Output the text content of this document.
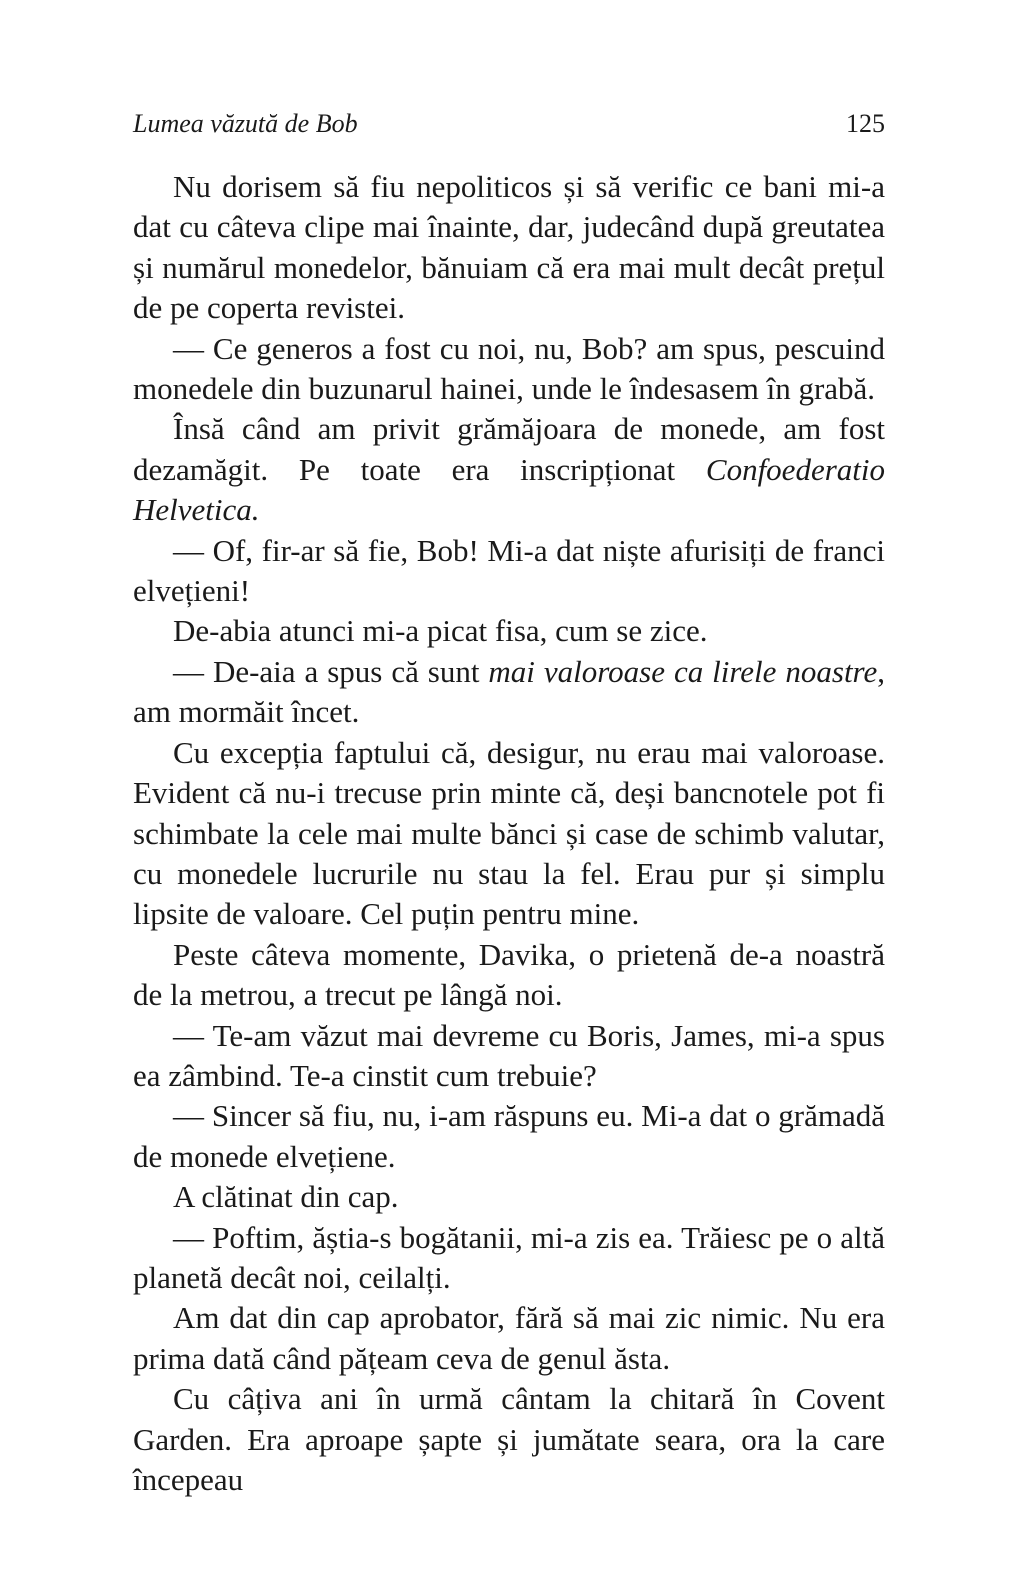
Lumea văzută de Bob	125

Nu dorisem să fiu nepoliticos și să verific ce bani mi-a dat cu câteva clipe mai înainte, dar, judecând după greutatea și numărul monedelor, bănuiam că era mai mult decât prețul de pe coperta revistei.

— Ce generos a fost cu noi, nu, Bob? am spus, pescuind monedele din buzunarul hainei, unde le îndesasem în grabă.

Însă când am privit grămăjoara de monede, am fost dezamăgit. Pe toate era inscripționat Confoederatio Helvetica.

— Of, fir-ar să fie, Bob! Mi-a dat niște afurisiți de franci elvețieni!

De-abia atunci mi-a picat fisa, cum se zice.

— De-aia a spus că sunt mai valoroase ca lirele noastre, am mormăit încet.

Cu excepția faptului că, desigur, nu erau mai valoroase. Evident că nu-i trecuse prin minte că, deși bancnotele pot fi schimbate la cele mai multe bănci și case de schimb valutar, cu monedele lucrurile nu stau la fel. Erau pur și simplu lipsite de valoare. Cel puțin pentru mine.

Peste câteva momente, Davika, o prietenă de-a noastră de la metrou, a trecut pe lângă noi.

— Te-am văzut mai devreme cu Boris, James, mi-a spus ea zâmbind. Te-a cinstit cum trebuie?

— Sincer să fiu, nu, i-am răspuns eu. Mi-a dat o grămadă de monede elvețiene.

A clătinat din cap.

— Poftim, ăștia-s bogătanii, mi-a zis ea. Trăiesc pe o altă planetă decât noi, ceilalți.

Am dat din cap aprobator, fără să mai zic nimic. Nu era prima dată când pățeam ceva de genul ăsta.

Cu câțiva ani în urmă cântam la chitară în Covent Garden. Era aproape șapte și jumătate seara, ora la care începeau
